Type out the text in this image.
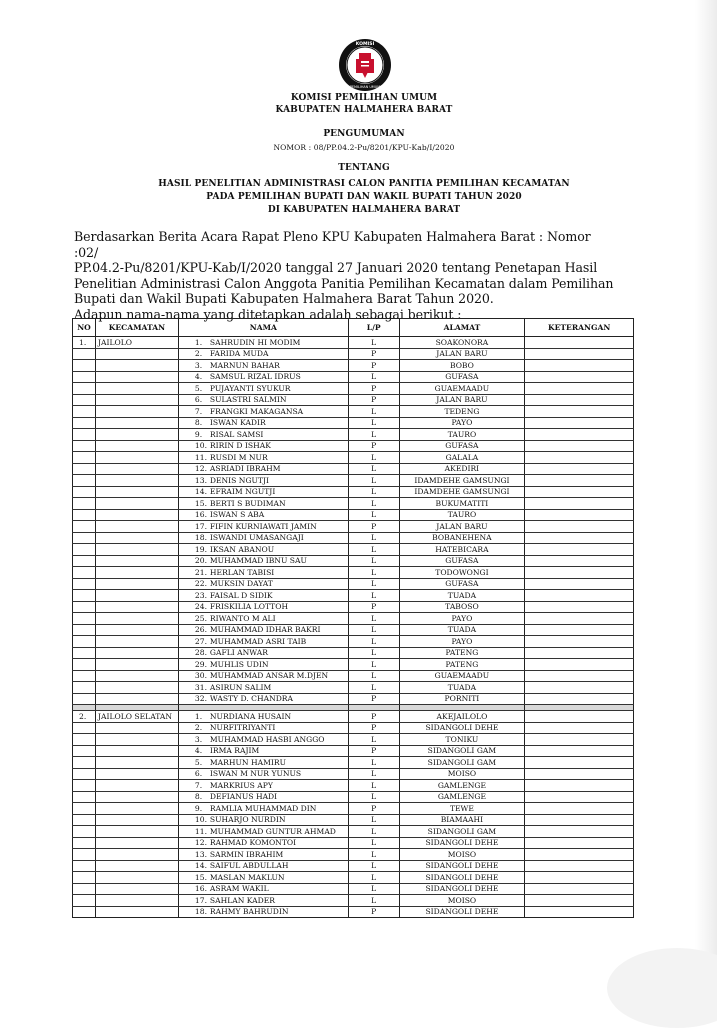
KOMISI
PEMILIHAN UMUM
KOMISI PEMILIHAN UMUM
KABUPATEN HALMAHERA BARAT
PENGUMUMAN
NOMOR : 08/PP.04.2-Pu/8201/KPU-Kab/I/2020
TENTANG
HASIL PENELITIAN ADMINISTRASI CALON PANITIA PEMILIHAN KECAMATAN
PADA PEMILIHAN BUPATI DAN WAKIL BUPATI TAHUN 2020
DI KABUPATEN HALMAHERA BARAT

Berdasarkan Berita Acara Rapat Pleno KPU Kabupaten Halmahera Barat : Nomor :02/

PP.04.2-Pu/8201/KPU-Kab/I/2020 tanggal 27 Januari 2020 tentang Penetapan Hasil

Penelitian Administrasi Calon Anggota Panitia Pemilihan Kecamatan dalam Pemilihan

Bupati dan Wakil Bupati Kabupaten Halmahera Barat Tahun 2020.

Adapun nama-nama yang ditetapkan adalah sebagai berikut :

NO	KECAMATAN	NAMA	L/P	ALAMAT	KETERANGAN
1.	JAILOLO	1. SAHRUDIN HI MODIM	L	SOAKONORA	
		2. FARIDA MUDA	P	JALAN BARU	
		3. MARNUN BAHAR	P	BOBO	
		4. SAMSUL RIZAL IDRUS	L	GUFASA	
		5. PUJAYANTI SYUKUR	P	GUAEMAADU	
		6. SULASTRI SALMIN	P	JALAN BARU	
		7. FRANGKI MAKAGANSA	L	TEDENG	
		8. ISWAN KADIR	L	PAYO	
		9. RISAL SAMSI	L	TAURO	
		10. RIRIN D ISHAK	P	GUFASA	
		11. RUSDI M NUR	L	GALALA	
		12. ASRIADI IBRAHM	L	AKEDIRI	
		13. DENIS NGUTJI	L	IDAMDEHE GAMSUNGI	
		14. EFRAIM NGUTJI	L	IDAMDEHE GAMSUNGI	
		15. BERTI S BUDIMAN	L	BUKUMATITI	
		16. ISWAN S ABA	L	TAURO	
		17. FIFIN KURNIAWATI JAMIN	P	JALAN BARU	
		18. ISWANDI UMASANGAJI	L	BOBANEHENA	
		19. IKSAN ABANOU	L	HATEBICARA	
		20. MUHAMMAD IBNU SAU	L	GUFASA	
		21. HERLAN TABISI	L	TODOWONGI	
		22. MUKSIN DAYAT	L	GUFASA	
		23. FAISAL D SIDIK	L	TUADA	
		24. FRISKILIA LOTTOH	P	TABOSO	
		25. RIWANTO M ALI	L	PAYO	
		26. MUHAMMAD IDHAR BAKRI	L	TUADA	
		27. MUHAMMAD ASRI TAIB	L	PAYO	
		28. GAFLI ANWAR	L	PATENG	
		29. MUHLIS UDIN	L	PATENG	
		30. MUHAMMAD ANSAR M.DJEN	L	GUAEMAADU	
		31. ASIRUN SALIM	L	TUADA	
		32. WASTY D. CHANDRA	P	PORNITI	

2.	JAILOLO SELATAN	1. NURDIANA HUSAIN	P	AKEJAILOLO	
		2. NURFITRIYANTI	P	SIDANGOLI DEHE	
		3. MUHAMMAD HASBI ANGGO	L	TONIKU	
		4. IRMA RAJIM	P	SIDANGOLI GAM	
		5. MARHUN HAMIRU	L	SIDANGOLI GAM	
		6. ISWAN M NUR YUNUS	L	MOISO	
		7. MARKRIUS APY	L	GAMLENGE	
		8. DEFIANUS HADI	L	GAMLENGE	
		9. RAMLIA MUHAMMAD DIN	P	TEWE	
		10. SUHARJO NURDIN	L	BIAMAAHI	
		11. MUHAMMAD GUNTUR AHMAD	L	SIDANGOLI GAM	
		12. RAHMAD KOMONTOI	L	SIDANGOLI DEHE	
		13. SARMIN IBRAHIM	L	MOISO	
		14. SAIFUL ABDULLAH	L	SIDANGOLI DEHE	
		15. MASLAN MAKLUN	L	SIDANGOLI DEHE	
		16. ASRAM WAKIL	L	SIDANGOLI DEHE	
		17. SAHLAN KADER	L	MOISO	
		18. RAHMY BAHRUDIN	P	SIDANGOLI DEHE	
